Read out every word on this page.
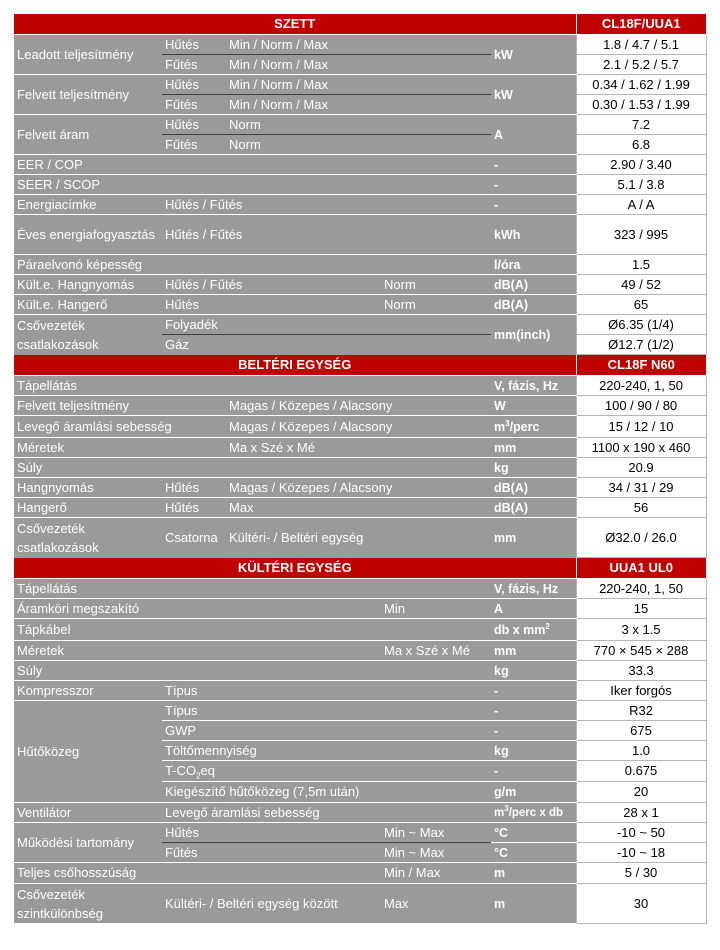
SZETT					CL18F/UUA1
Leadott teljesítmény	Hűtés	Min / Norm / Max		kW	1.8 / 4.7 / 5.1
	Fűtés	Min / Norm / Max			2.1 / 5.2 / 5.7
Felvett teljesítmény	Hűtés	Min / Norm / Max		kW	0.34 / 1.62 / 1.99
	Fűtés	Min / Norm / Max			0.30 / 1.53 / 1.99
Felvett áram	Hűtés	Norm		A	7.2
	Fűtés	Norm			6.8
EER / COP				-	2.90 / 3.40
SEER / SCOP				-	5.1 / 3.8
Energiacímke	Hűtés / Fűtés			-	A / A
Éves energiafogyasztás	Hűtés / Fűtés			kWh	323 / 995
Páraelvonó képesség				l/óra	1.5
Kült.e. Hangnyomás	Hűtés / Fűtés		Norm	dB(A)	49 / 52
Kült.e. Hangerő	Hűtés		Norm	dB(A)	65
Csővezeték csatlakozások	Folyadék			mm(inch)	Ø6.35 (1/4)
	Gáz				Ø12.7 (1/2)
BELTÉRI EGYSÉG					CL18F N60
Tápellátás				V, fázis, Hz	220-240, 1, 50
Felvett teljesítmény		Magas / Közepes / Alacsony		W	100 / 90 / 80
Levegő áramlási sebesség		Magas / Közepes / Alacsony		$m^3$/perc	15 / 12 / 10
Méretek		Ma x Szé x Mé		mm	1100 x 190 x 460
Súly				kg	20.9
Hangnyomás	Hűtés	Magas / Közepes / Alacsony		dB(A)	34 / 31 / 29
Hangerő	Hűtés	Max		dB(A)	56
Csővezeték csatlakozások	Csatorna	Kültéri- / Beltéri egység		mm	Ø32.0 / 26.0
KÜLTÉRI EGYSÉG					UUA1 UL0
Tápellátás				V, fázis, Hz	220-240, 1, 50
Áramköri megszakító			Min	A	15
Tápkábel				db x $mm^2$	3 x 1.5
Méretek			Ma x Szé x Mé	mm	770 × 545 × 288
Súly				kg	33.3
Kompresszor	Típus			-	Iker forgós
Hűtőközeg	Típus			-	R32
	GWP			-	675
	Töltőmennyiség			kg	1.0
	$T-CO_2eq$			-	0.675
	Kiegészítő hűtőközeg (7,5m után)			g/m	20
Ventilátor	Levegő áramlási sebesség			$m^3$/perc x db	28 x 1
Működési tartomány	Hűtés		Min ~ Max	°C	-10 ~ 50
	Fűtés		Min ~ Max	°C	-10 ~ 18
Teljes csőhosszúság			Min / Max	m	5 / 30
Csővezeték szintkülönbség	Kültéri- / Beltéri egység között		Max	m	30
